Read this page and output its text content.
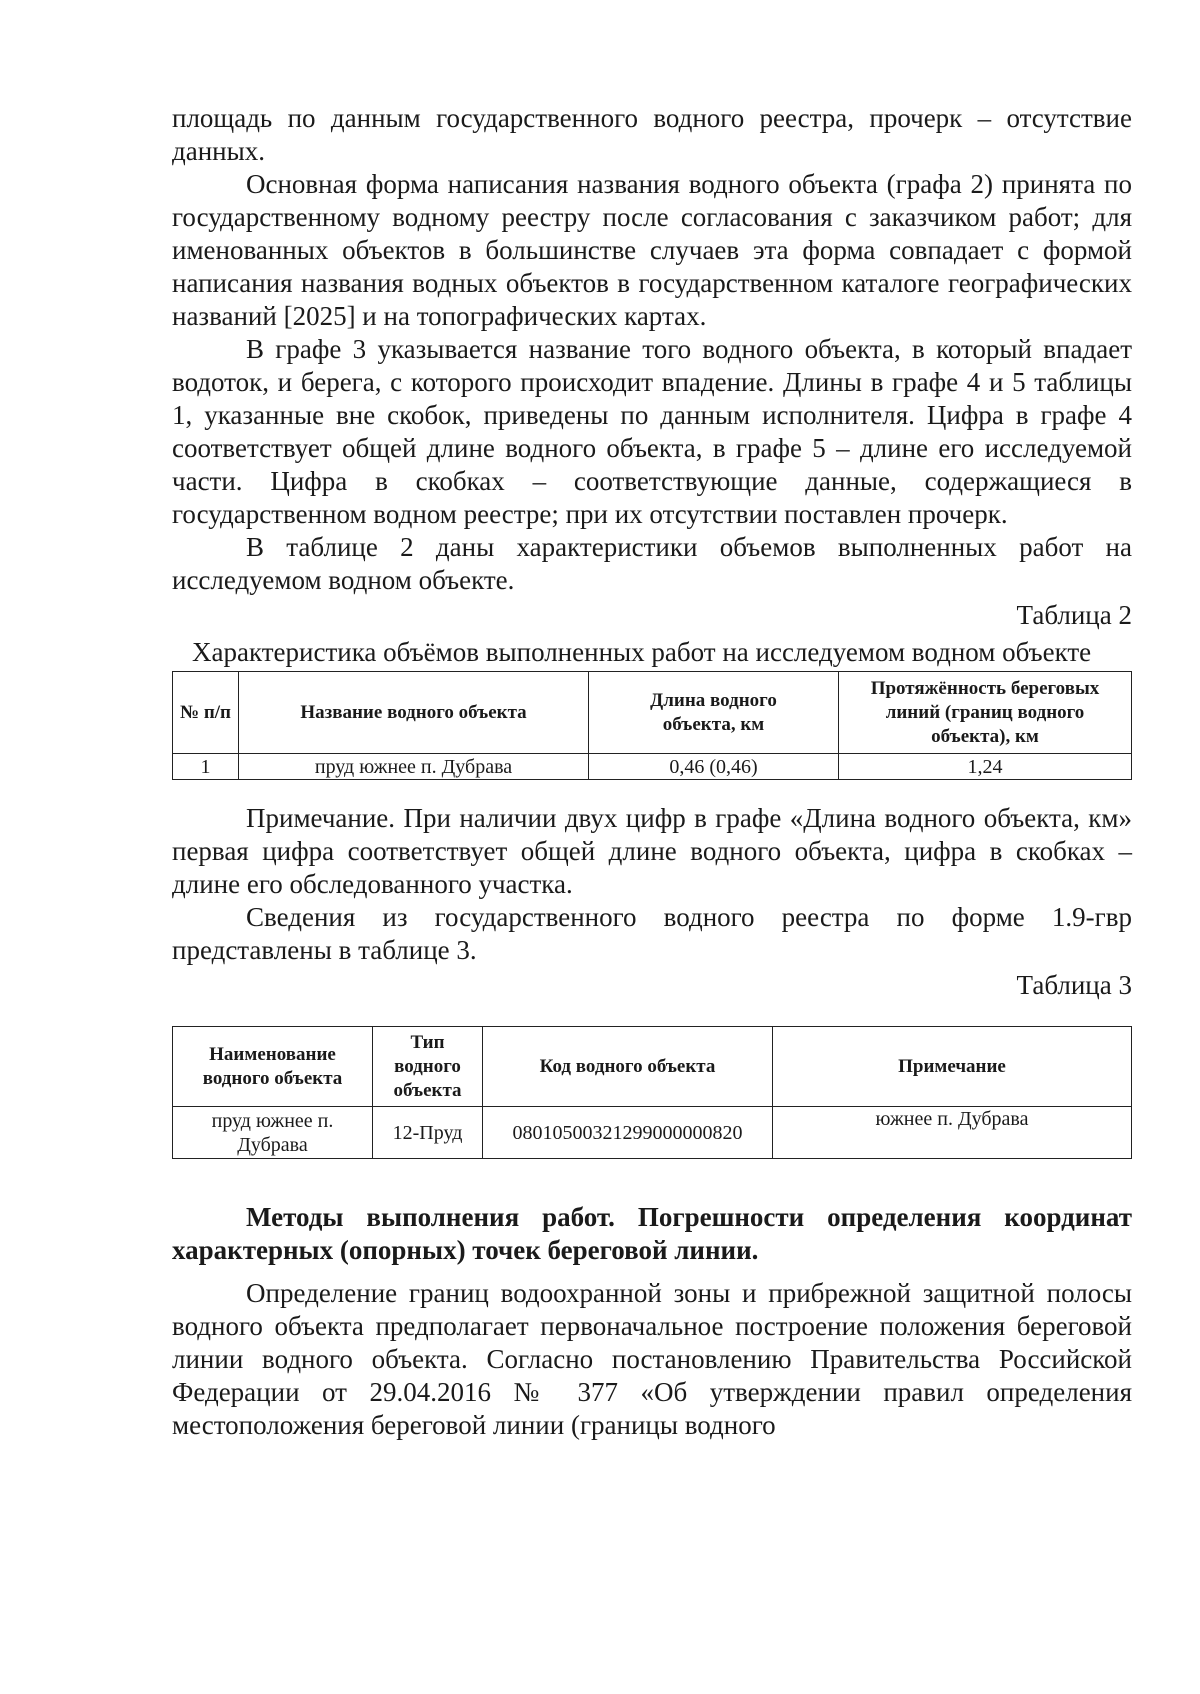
площадь по данным государственного водного реестра, прочерк – отсутствие данных.

Основная форма написания названия водного объекта (графа 2) принята по государственному водному реестру после согласования с заказчиком работ; для именованных объектов в большинстве случаев эта форма совпадает с формой написания названия водных объектов в государственном каталоге географических названий [2025] и на топографических картах.

В графе 3 указывается название того водного объекта, в который впадает водоток, и берега, с которого происходит впадение. Длины в графе 4 и 5 таблицы 1, указанные вне скобок, приведены по данным исполнителя. Цифра в графе 4 соответствует общей длине водного объекта, в графе 5 – длине его исследуемой части. Цифра в скобках – соответствующие данные, содержащиеся в государственном водном реестре; при их отсутствии поставлен прочерк.

В таблице 2 даны характеристики объемов выполненных работ на исследуемом водном объекте.

Таблица 2

Характеристика объёмов выполненных работ на исследуемом водном объекте

№ п/п	Название водного объекта	Длина водного объекта, км	Протяжённость береговых линий (границ водного объекта), км
1	пруд южнее п. Дубрава	0,46 (0,46)	1,24

Примечание. При наличии двух цифр в графе «Длина водного объекта, км» первая цифра соответствует общей длине водного объекта, цифра в скобках – длине его обследованного участка.

Сведения из государственного водного реестра по форме 1.9-гвр представлены в таблице 3.

Таблица 3

Наименование водного объекта	Тип водного объекта	Код водного объекта	Примечание
пруд южнее п. Дубрава	12-Пруд	08010500321299000000820	южнее п. Дубрава

Методы выполнения работ. Погрешности определения координат характерных (опорных) точек береговой линии.

Определение границ водоохранной зоны и прибрежной защитной полосы водного объекта предполагает первоначальное построение положения береговой линии водного объекта. Согласно постановлению Правительства Российской Федерации от 29.04.2016 № 377 «Об утверждении правил определения местоположения береговой линии (границы водного
